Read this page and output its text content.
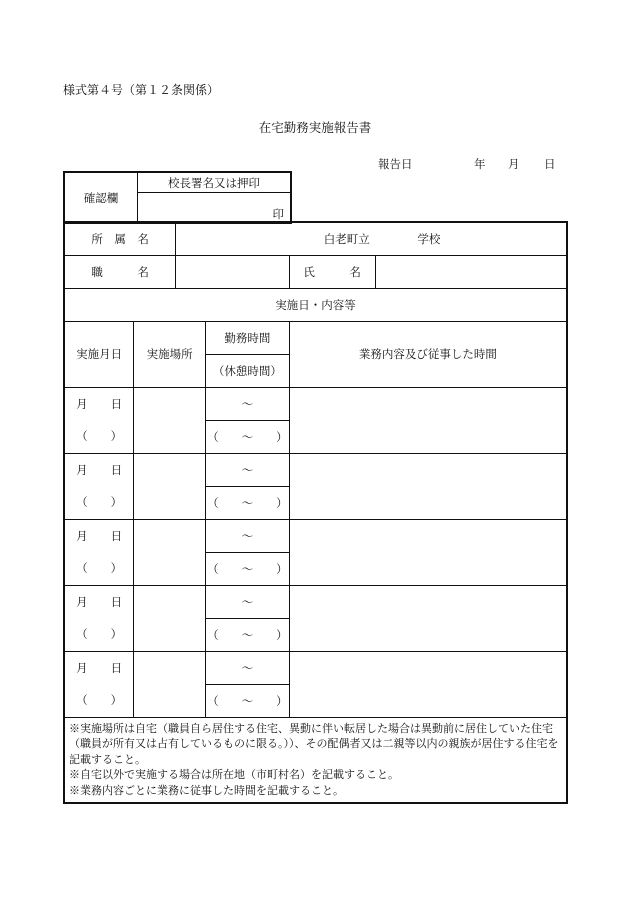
様式第４号（第１２条関係）
在宅勤務実施報告書
報告日	年 月 日
確認欄	校長署名又は押印
印
所　属　名		白老町立 学校			
職　　　名				氏　　　名	
実施日・内容等					
実施月日	実施場所		勤務時間	業務内容及び従事した時間	
			（休憩時間）		
月　　日			～		
（　　）			（　　～　　）		
月　　日			～		
（　　）			（　　～　　）		
月　　日			～		
（　　）			（　　～　　）		
月　　日			～		
（　　）			（　　～　　）		
月　　日			～		
（　　）			（　　～　　）		

※実施場所は自宅（職員自ら居住する住宅、異動に伴い転居した場合は異動前に居住していた住宅（職員が所有又は占有しているものに限る。））、その配偶者又は二親等以内の親族が居住する住宅を記載すること。
※自宅以外で実施する場合は所在地（市町村名）を記載すること。
※業務内容ごとに業務に従事した時間を記載すること。					
